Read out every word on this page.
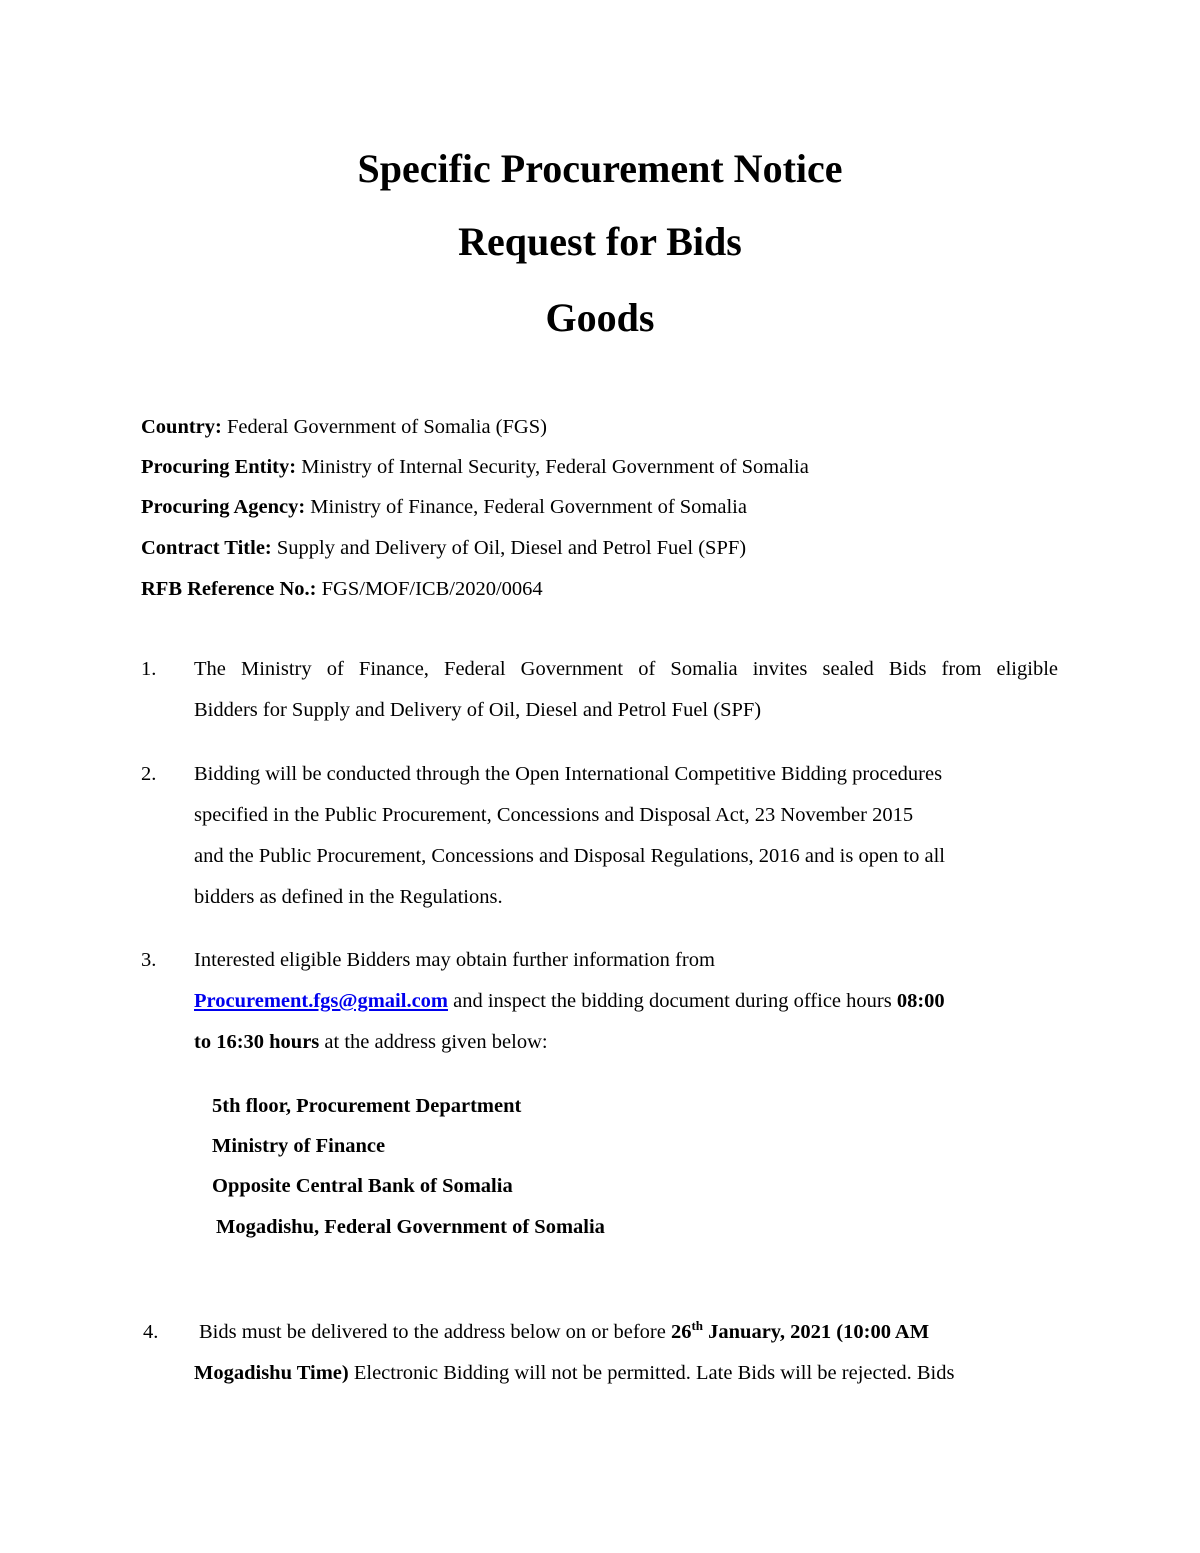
Specific Procurement Notice
Request for Bids
Goods
Country: Federal Government of Somalia (FGS)
Procuring Entity: Ministry of Internal Security, Federal Government of Somalia
Procuring Agency: Ministry of Finance, Federal Government of Somalia
Contract Title: Supply and Delivery of Oil, Diesel and Petrol Fuel (SPF)
RFB Reference No.: FGS/MOF/ICB/2020/0064
1. The Ministry of Finance, Federal Government of Somalia invites sealed Bids from eligible
Bidders for Supply and Delivery of Oil, Diesel and Petrol Fuel (SPF)
2. Bidding will be conducted through the Open International Competitive Bidding procedures
specified in the Public Procurement, Concessions and Disposal Act, 23 November 2015
and the Public Procurement, Concessions and Disposal Regulations, 2016 and is open to all
bidders as defined in the Regulations.
3. Interested eligible Bidders may obtain further information from
Procurement.fgs@gmail.com and inspect the bidding document during office hours 08:00
to 16:30 hours at the address given below:
5th floor, Procurement Department
Ministry of Finance
Opposite Central Bank of Somalia
Mogadishu, Federal Government of Somalia
4. Bids must be delivered to the address below on or before 26th January, 2021 (10:00 AM
Mogadishu Time) Electronic Bidding will not be permitted. Late Bids will be rejected. Bids
